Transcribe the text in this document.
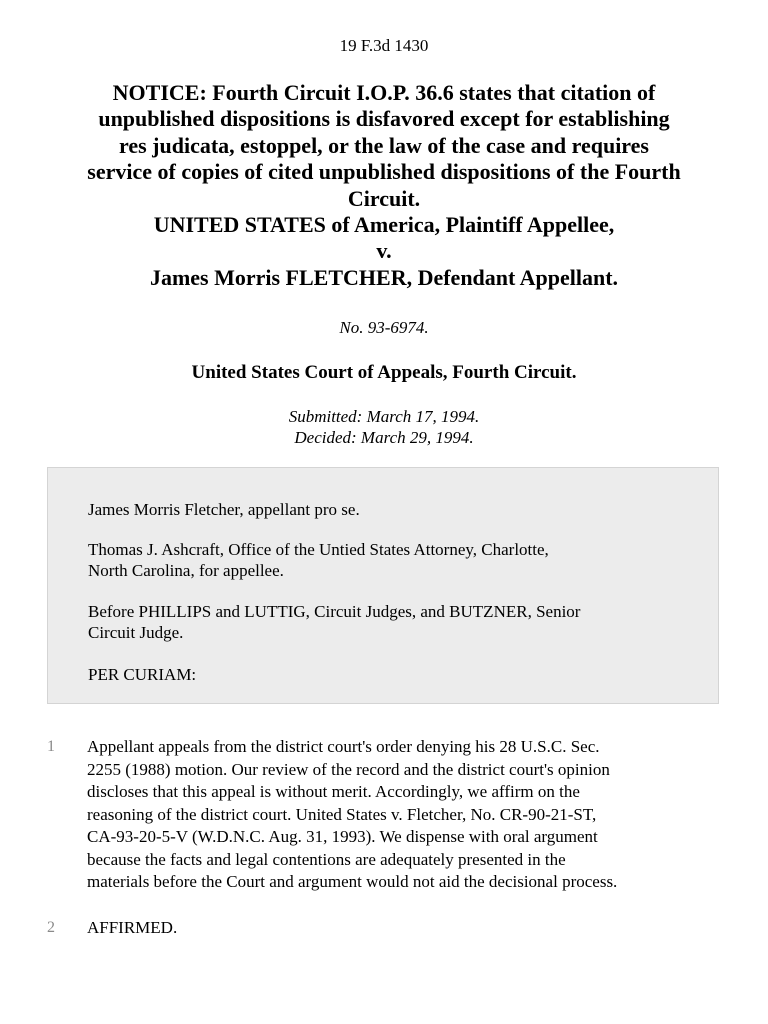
19 F.3d 1430
NOTICE: Fourth Circuit I.O.P. 36.6 states that citation of
unpublished dispositions is disfavored except for establishing
res judicata, estoppel, or the law of the case and requires
service of copies of cited unpublished dispositions of the Fourth
Circuit.
UNITED STATES of America, Plaintiff Appellee,
v.
James Morris FLETCHER, Defendant Appellant.
No. 93-6974.
United States Court of Appeals, Fourth Circuit.
Submitted: March 17, 1994.
Decided: March 29, 1994.
James Morris Fletcher, appellant pro se.
Thomas J. Ashcraft, Office of the Untied States Attorney, Charlotte,
North Carolina, for appellee.
Before PHILLIPS and LUTTIG, Circuit Judges, and BUTZNER, Senior
Circuit Judge.
PER CURIAM:
1 Appellant appeals from the district court's order denying his 28 U.S.C. Sec.
2255 (1988) motion. Our review of the record and the district court's opinion
discloses that this appeal is without merit. Accordingly, we affirm on the
reasoning of the district court. United States v. Fletcher, No. CR-90-21-ST,
CA-93-20-5-V (W.D.N.C. Aug. 31, 1993). We dispense with oral argument
because the facts and legal contentions are adequately presented in the
materials before the Court and argument would not aid the decisional process.
2 AFFIRMED.
